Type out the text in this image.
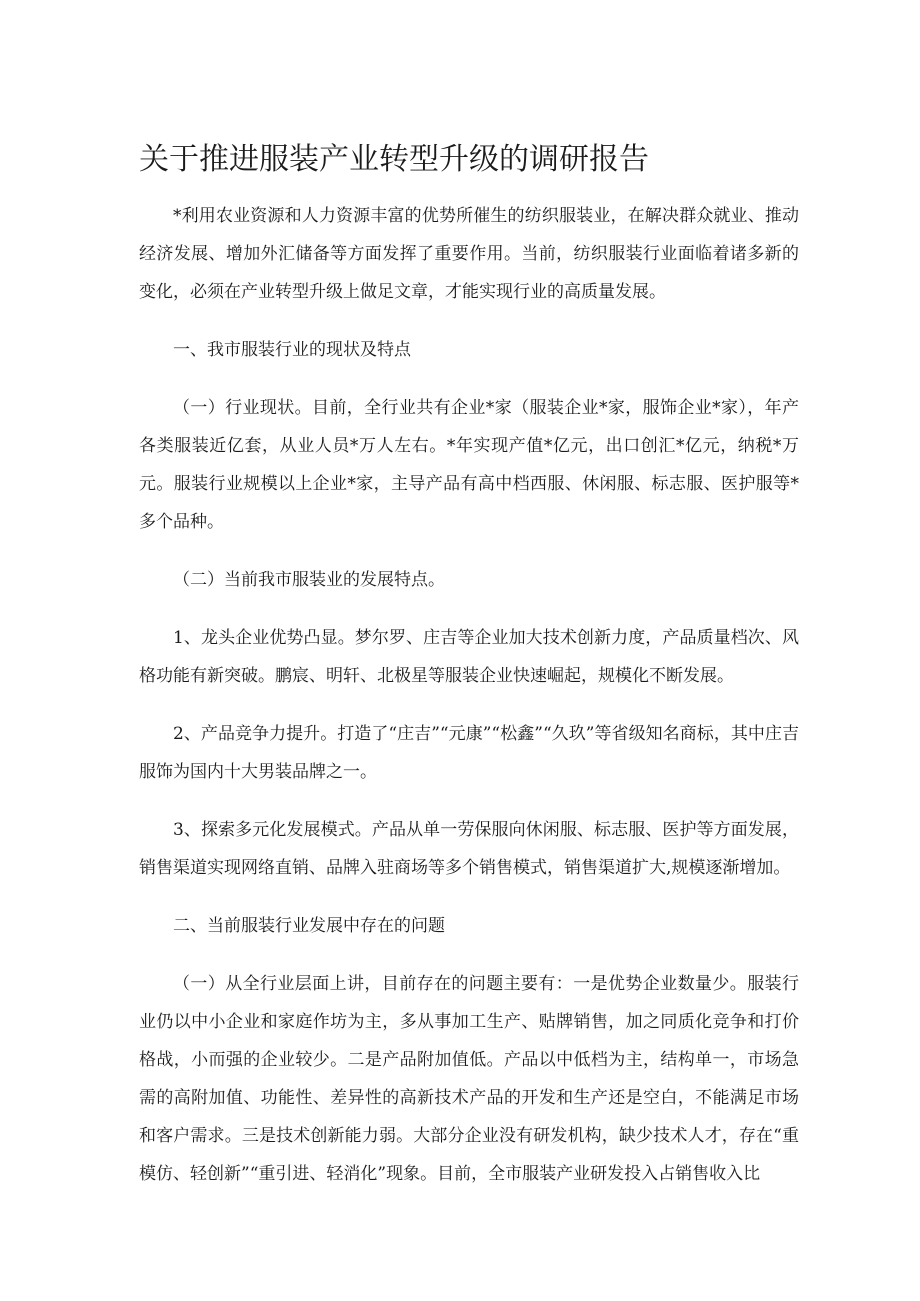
关于推进服装产业转型升级的调研报告

*利用农业资源和人力资源丰富的优势所催生的纺织服装业，在解决群众就业、推动经济发展、增加外汇储备等方面发挥了重要作用。当前，纺织服装行业面临着诸多新的变化，必须在产业转型升级上做足文章，才能实现行业的高质量发展。

一、我市服装行业的现状及特点

（一）行业现状。目前，全行业共有企业*家（服装企业*家，服饰企业*家），年产各类服装近亿套，从业人员*万人左右。*年实现产值*亿元，出口创汇*亿元，纳税*万元。服装行业规模以上企业*家，主导产品有高中档西服、休闲服、标志服、医护服等*多个品种。

（二）当前我市服装业的发展特点。

1、龙头企业优势凸显。梦尔罗、庄吉等企业加大技术创新力度，产品质量档次、风格功能有新突破。鹏宸、明轩、北极星等服装企业快速崛起，规模化不断发展。

2、产品竞争力提升。打造了“庄吉”“元康”“松鑫”“久玖”等省级知名商标，其中庄吉服饰为国内十大男装品牌之一。

3、探索多元化发展模式。产品从单一劳保服向休闲服、标志服、医护等方面发展，销售渠道实现网络直销、品牌入驻商场等多个销售模式，销售渠道扩大,规模逐渐增加。

二、当前服装行业发展中存在的问题

（一）从全行业层面上讲，目前存在的问题主要有：一是优势企业数量少。服装行业仍以中小企业和家庭作坊为主，多从事加工生产、贴牌销售，加之同质化竞争和打价格战，小而强的企业较少。二是产品附加值低。产品以中低档为主，结构单一，市场急需的高附加值、功能性、差异性的高新技术产品的开发和生产还是空白，不能满足市场和客户需求。三是技术创新能力弱。大部分企业没有研发机构，缺少技术人才，存在“重模仿、轻创新”“重引进、轻消化”现象。目前，全市服装产业研发投入占销售收入比
